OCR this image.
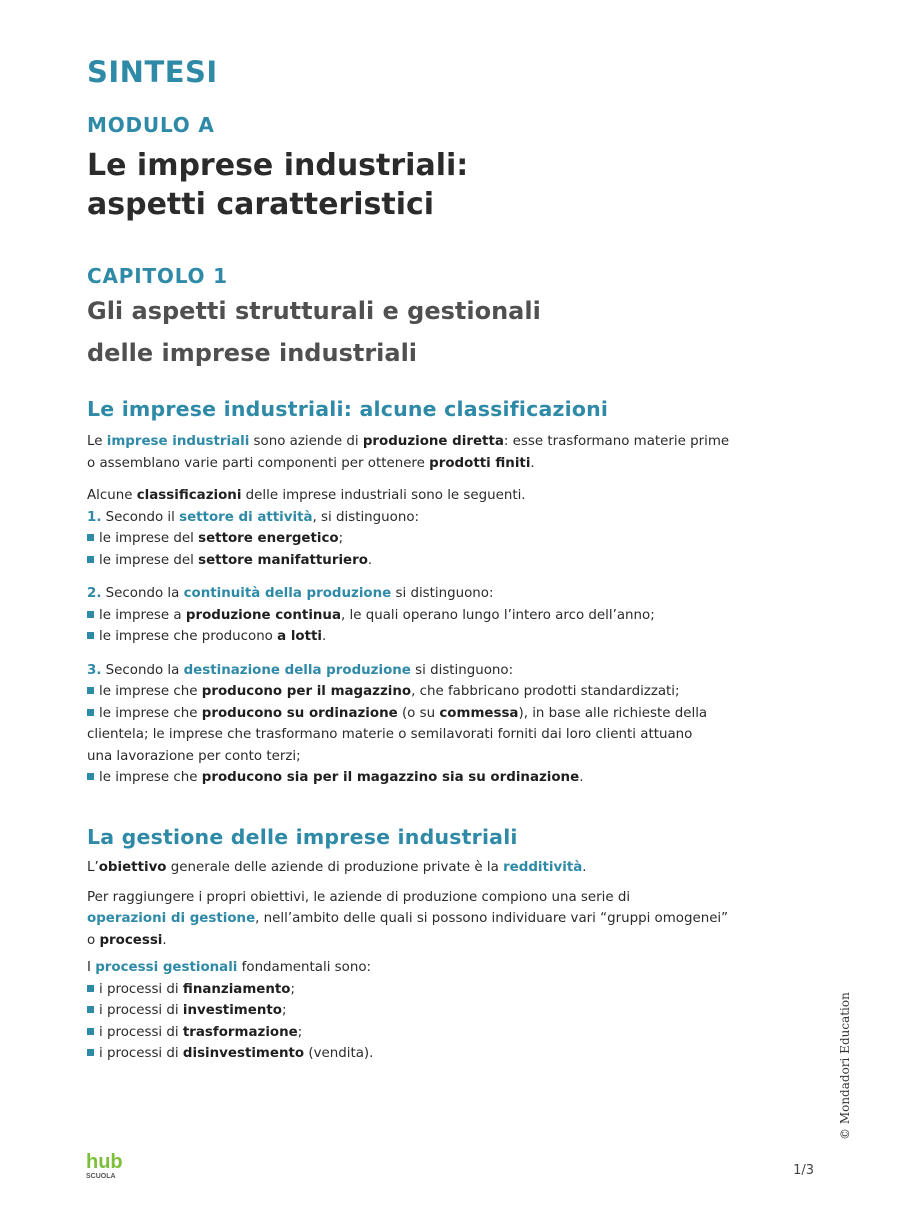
SINTESI
MODULO A
Le imprese industriali:
aspetti caratteristici
CAPITOLO 1
Gli aspetti strutturali e gestionali
delle imprese industriali
Le imprese industriali: alcune classificazioni

Le imprese industriali sono aziende di produzione diretta: esse trasformano materie prime
o assemblano varie parti componenti per ottenere prodotti finiti.

Alcune classificazioni delle imprese industriali sono le seguenti.

1. Secondo il settore di attività, si distinguono:
le imprese del settore energetico;
le imprese del settore manifatturiero.
2. Secondo la continuità della produzione si distinguono:
le imprese a produzione continua, le quali operano lungo l’intero arco dell’anno;
le imprese che producono a lotti.
3. Secondo la destinazione della produzione si distinguono:
le imprese che producono per il magazzino, che fabbricano prodotti standardizzati;
le imprese che producono su ordinazione (o su commessa), in base alle richieste della
clientela; le imprese che trasformano materie o semilavorati forniti dai loro clienti attuano
una lavorazione per conto terzi;
le imprese che producono sia per il magazzino sia su ordinazione.
La gestione delle imprese industriali

L’obiettivo generale delle aziende di produzione private è la redditività.

Per raggiungere i propri obiettivi, le aziende di produzione compiono una serie di
operazioni di gestione, nell’ambito delle quali si possono individuare vari “gruppi omogenei”
o processi.

I processi gestionali fondamentali sono:

i processi di finanziamento;
i processi di investimento;
i processi di trasformazione;
i processi di disinvestimento (vendita).	© Mondadori Education
hub
SCUOLA	1/3
